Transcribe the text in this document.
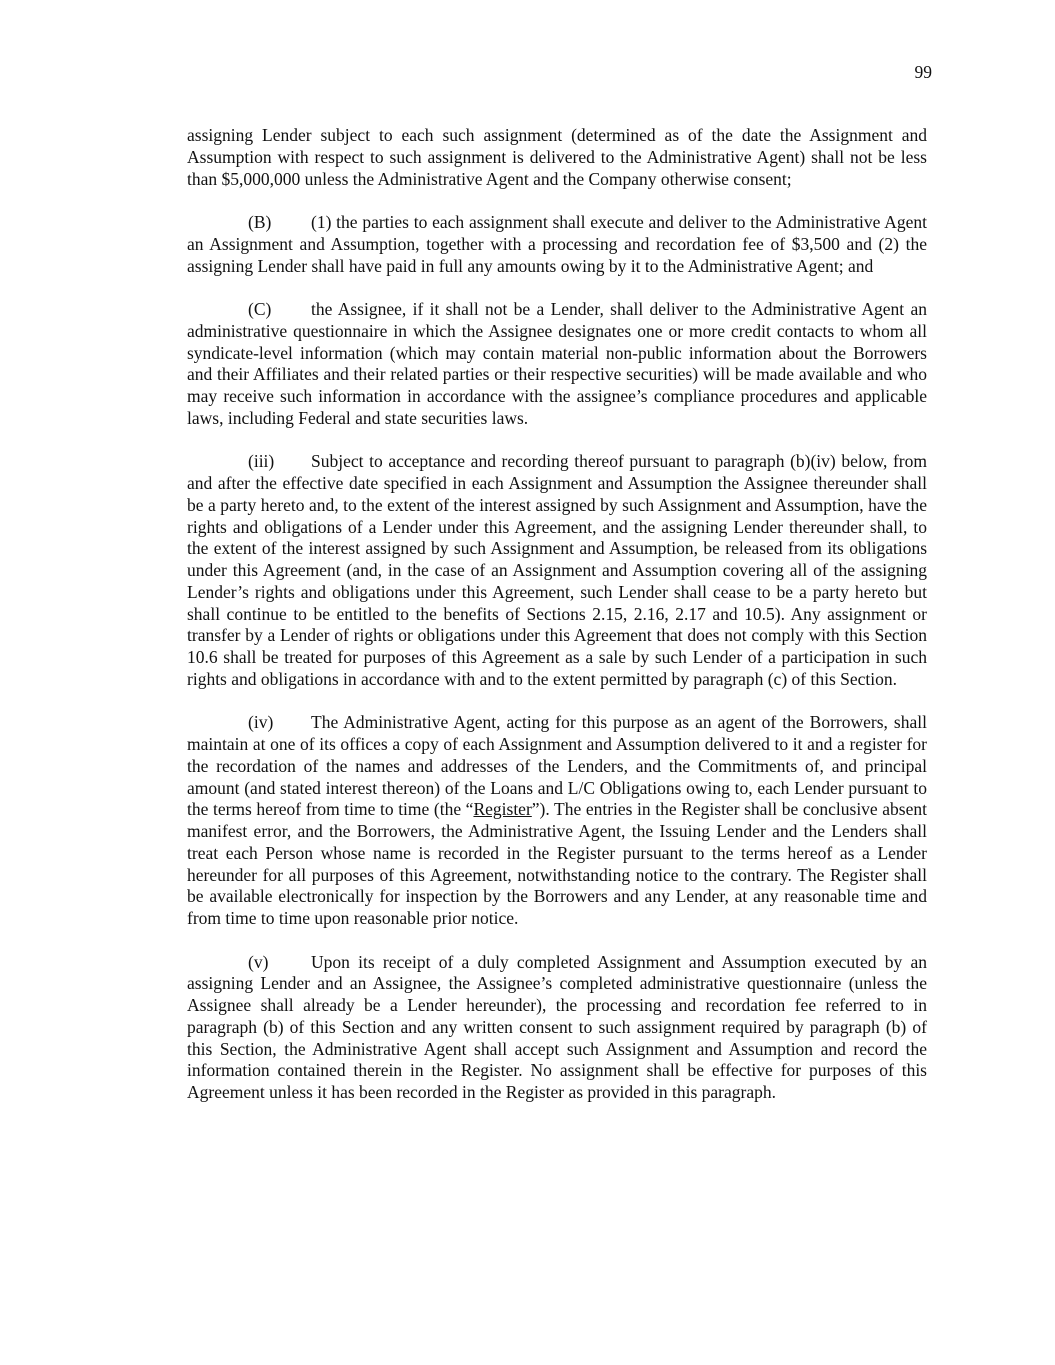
99

assigning Lender subject to each such assignment (determined as of the date the Assignment and Assumption with respect to such assignment is delivered to the Administrative Agent) shall not be less than $5,000,000 unless the Administrative Agent and the Company otherwise consent;

(B) (1) the parties to each assignment shall execute and deliver to the Administrative Agent an Assignment and Assumption, together with a processing and recordation fee of $3,500 and (2) the assigning Lender shall have paid in full any amounts owing by it to the Administrative Agent; and

(C) the Assignee, if it shall not be a Lender, shall deliver to the Administrative Agent an administrative questionnaire in which the Assignee designates one or more credit contacts to whom all syndicate-level information (which may contain material non-public information about the Borrowers and their Affiliates and their related parties or their respective securities) will be made available and who may receive such information in accordance with the assignee’s compliance procedures and applicable laws, including Federal and state securities laws.

(iii) Subject to acceptance and recording thereof pursuant to paragraph (b)(iv) below, from and after the effective date specified in each Assignment and Assumption the Assignee thereunder shall be a party hereto and, to the extent of the interest assigned by such Assignment and Assumption, have the rights and obligations of a Lender under this Agreement, and the assigning Lender thereunder shall, to the extent of the interest assigned by such Assignment and Assumption, be released from its obligations under this Agreement (and, in the case of an Assignment and Assumption covering all of the assigning Lender’s rights and obligations under this Agreement, such Lender shall cease to be a party hereto but shall continue to be entitled to the benefits of Sections 2.15, 2.16, 2.17 and 10.5). Any assignment or transfer by a Lender of rights or obligations under this Agreement that does not comply with this Section 10.6 shall be treated for purposes of this Agreement as a sale by such Lender of a participation in such rights and obligations in accordance with and to the extent permitted by paragraph (c) of this Section.

(iv) The Administrative Agent, acting for this purpose as an agent of the Borrowers, shall maintain at one of its offices a copy of each Assignment and Assumption delivered to it and a register for the recordation of the names and addresses of the Lenders, and the Commitments of, and principal amount (and stated interest thereon) of the Loans and L/C Obligations owing to, each Lender pursuant to the terms hereof from time to time (the “Register”). The entries in the Register shall be conclusive absent manifest error, and the Borrowers, the Administrative Agent, the Issuing Lender and the Lenders shall treat each Person whose name is recorded in the Register pursuant to the terms hereof as a Lender hereunder for all purposes of this Agreement, notwithstanding notice to the contrary. The Register shall be available electronically for inspection by the Borrowers and any Lender, at any reasonable time and from time to time upon reasonable prior notice.

(v) Upon its receipt of a duly completed Assignment and Assumption executed by an assigning Lender and an Assignee, the Assignee’s completed administrative questionnaire (unless the Assignee shall already be a Lender hereunder), the processing and recordation fee referred to in paragraph (b) of this Section and any written consent to such assignment required by paragraph (b) of this Section, the Administrative Agent shall accept such Assignment and Assumption and record the information contained therein in the Register. No assignment shall be effective for purposes of this Agreement unless it has been recorded in the Register as provided in this paragraph.
